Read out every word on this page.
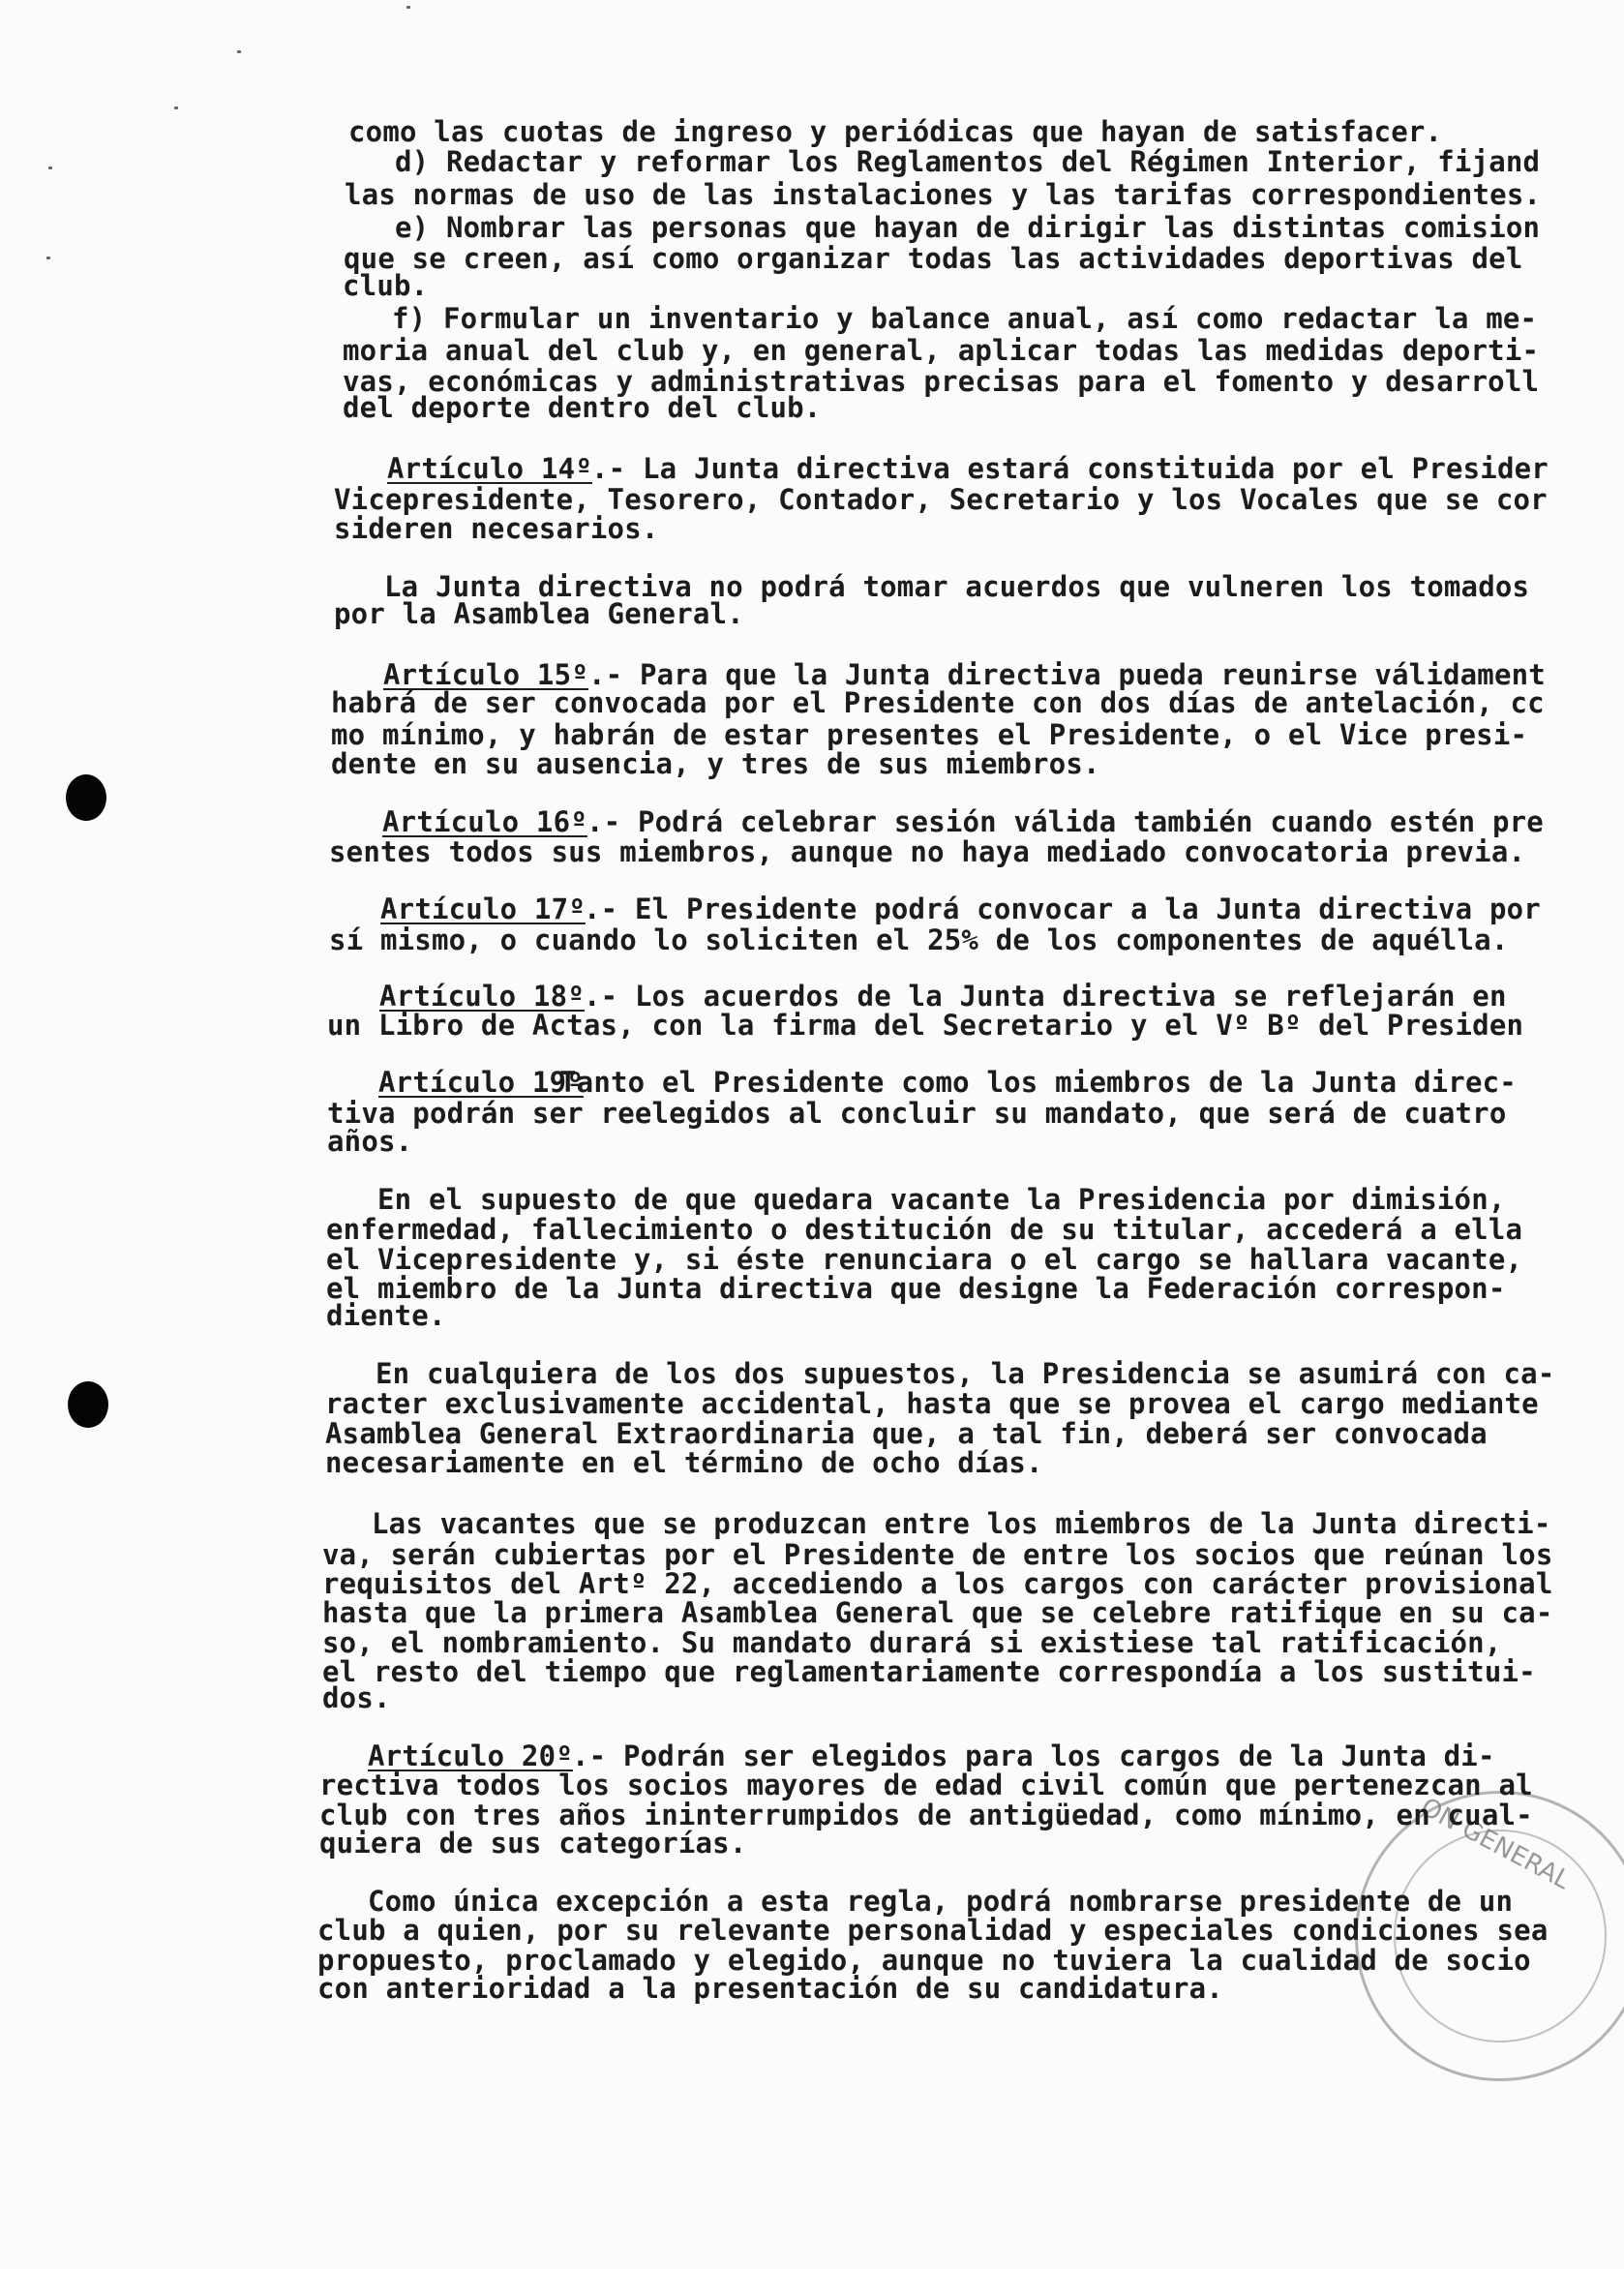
ON GENERAL
como las cuotas de ingreso y periódicas que hayan de satisfacer.
d) Redactar y reformar los Reglamentos del Régimen Interior, fijand
las normas de uso de las instalaciones y las tarifas correspondientes.
e) Nombrar las personas que hayan de dirigir las distintas comision
que se creen, así como organizar todas las actividades deportivas del
club.
f) Formular un inventario y balance anual, así como redactar la me-
moria anual del club y, en general, aplicar todas las medidas deporti-
vas, económicas y administrativas precisas para el fomento y desarroll
del deporte dentro del club.
Artículo 14º .- La Junta directiva estará constituida por el Presider
Vicepresidente, Tesorero, Contador, Secretario y los Vocales que se cor
sideren necesarios.
La Junta directiva no podrá tomar acuerdos que vulneren los tomados
por la Asamblea General.
Artículo 15º .- Para que la Junta directiva pueda reunirse válidament
habrá de ser convocada por el Presidente con dos días de antelación, cc
mo mínimo, y habrán de estar presentes el Presidente, o el Vice presi-
dente en su ausencia, y tres de sus miembros.
Artículo 16º .- Podrá celebrar sesión válida también cuando estén pre
sentes todos sus miembros, aunque no haya mediado convocatoria previa.
Artículo 17º
.- El Presidente podrá convocar a la Junta directiva por
sí mismo, o cuando lo soliciten el 25% de los componentes de aquélla.
Artículo 18º .- Los acuerdos de la Junta directiva se reflejarán en
un Libro de Actas, con la firma del Secretario y el Vº Bº del Presiden
Artículo 19º
Tanto el Presidente como los miembros de la Junta direc-
tiva podrán ser reelegidos al concluir su mandato, que será de cuatro
años.
En el supuesto de que quedara vacante la Presidencia por dimisión,
enfermedad, fallecimiento o destitución de su titular, accederá a ella
el Vicepresidente y, si éste renunciara o el cargo se hallara vacante,
el miembro de la Junta directiva que designe la Federación correspon-
diente.
En cualquiera de los dos supuestos, la Presidencia se asumirá con ca-
racter exclusivamente accidental, hasta que se provea el cargo mediante
Asamblea General Extraordinaria que, a tal fin, deberá ser convocada
necesariamente en el término de ocho días.
Las vacantes que se produzcan entre los miembros de la Junta directi-
va, serán cubiertas por el Presidente de entre los socios que reúnan los
requisitos del Artº 22, accediendo a los cargos con carácter provisional
hasta que la primera Asamblea General que se celebre ratifique en su ca-
so, el nombramiento. Su mandato durará si existiese tal ratificación,
el resto del tiempo que reglamentariamente correspondía a los sustitui-
dos.
Artículo 20º .- Podrán ser elegidos para los cargos de la Junta di-
rectiva todos los socios mayores de edad civil común que pertenezcan al
club con tres años ininterrumpidos de antigüedad, como mínimo, en cual-
quiera de sus categorías.
Como única excepción a esta regla, podrá nombrarse presidente de un
club a quien, por su relevante personalidad y especiales condiciones sea
propuesto, proclamado y elegido, aunque no tuviera la cualidad de socio
con anterioridad a la presentación de su candidatura.
